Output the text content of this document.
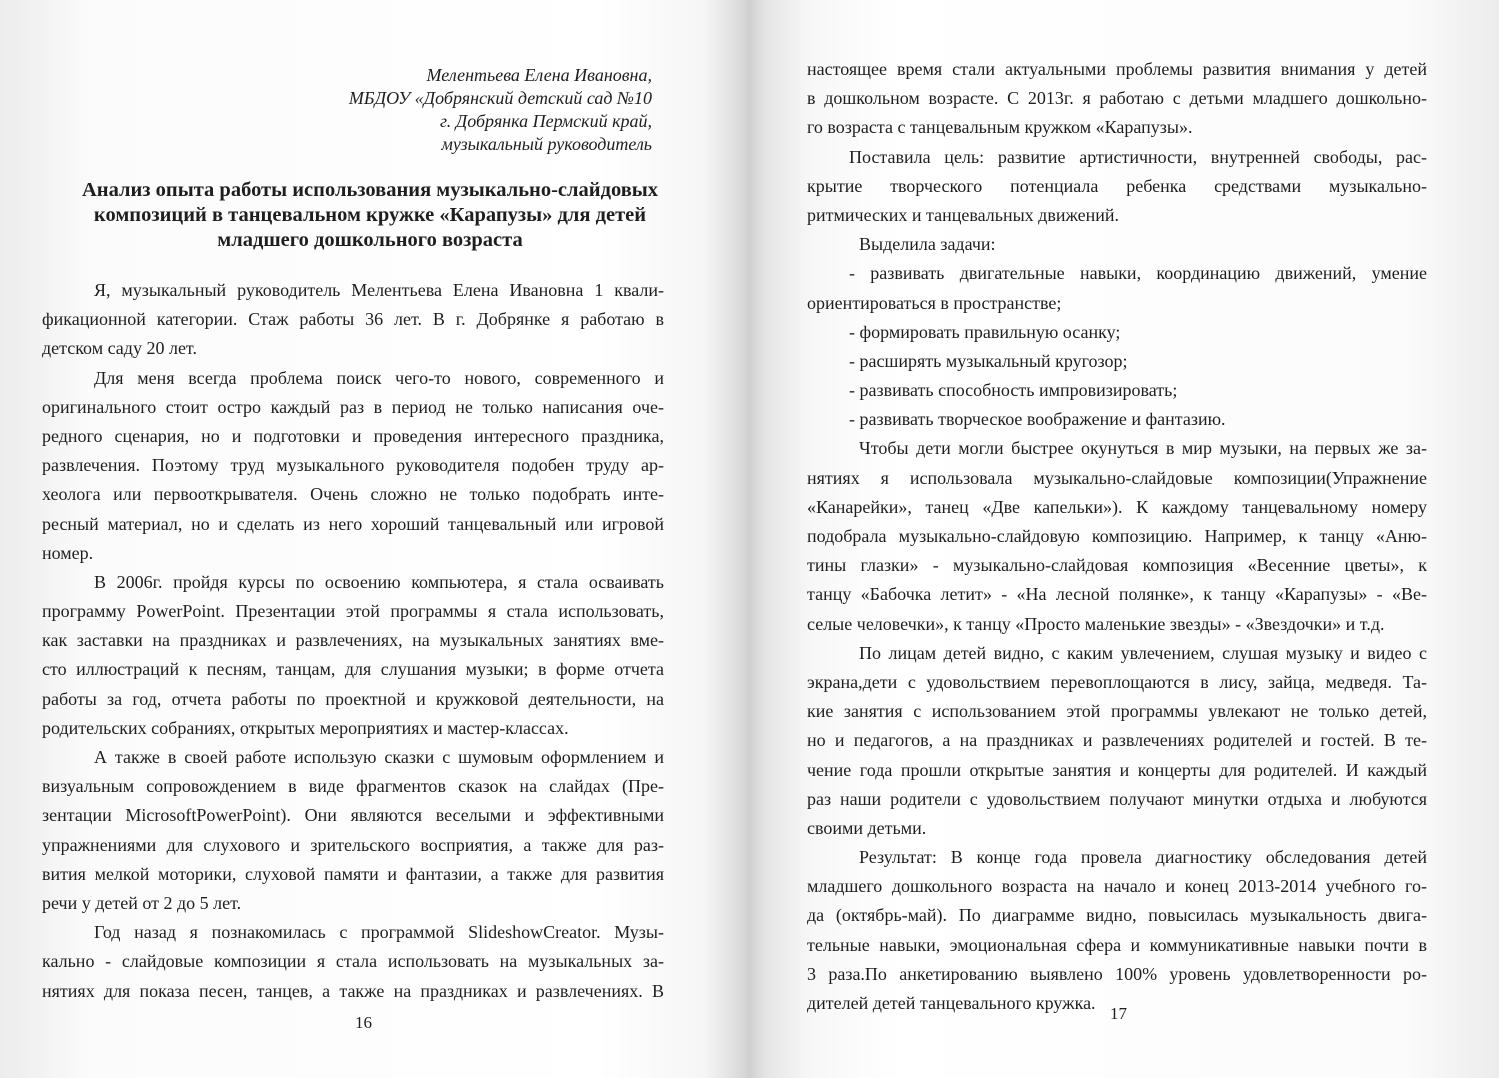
Мелентьева Елена Ивановна,
МБДОУ «Добрянский детский сад №10
г. Добрянка Пермский край,
музыкальный руководитель
Анализ опыта работы использования музыкально-слайдовых
композиций в танцевальном кружке «Карапузы» для детей
младшего дошкольного возраста
Я, музыкальный руководитель Мелентьева Елена Ивановна 1 квали-
фикационной категории. Стаж работы 36 лет. В г. Добрянке я работаю в
детском саду 20 лет.
Для меня всегда проблема поиск чего-то нового, современного и
оригинального стоит остро каждый раз в период не только написания оче-
редного сценария, но и подготовки и проведения интересного праздника,
развлечения. Поэтому труд музыкального руководителя подобен труду ар-
хеолога или первооткрывателя. Очень сложно не только подобрать инте-
ресный материал, но и сделать из него хороший танцевальный или игровой
номер.
В 2006г. пройдя курсы по освоению компьютера, я стала осваивать
программу PowerPoint. Презентации этой программы я стала использовать,
как заставки на праздниках и развлечениях, на музыкальных занятиях вме-
сто иллюстраций к песням, танцам, для слушания музыки; в форме отчета
работы за год, отчета работы по проектной и кружковой деятельности, на
родительских собраниях, открытых мероприятиях и мастер-классах.
А также в своей работе использую сказки с шумовым оформлением и
визуальным сопровождением в виде фрагментов сказок на слайдах (Пре-
зентации MicrosoftPowerPoint). Они являются веселыми и эффективными
упражнениями для слухового и зрительского восприятия, а также для раз-
вития мелкой моторики, слуховой памяти и фантазии, а также для развития
речи у детей от 2 до 5 лет.
Год назад я познакомилась с программой SlideshowCreator. Музы-
кально - слайдовые композиции я стала использовать на музыкальных за-
нятиях для показа песен, танцев, а также на праздниках и развлечениях. В
16
настоящее время стали актуальными проблемы развития внимания у детей
в дошкольном возрасте. С 2013г. я работаю с детьми младшего дошкольно-
го возраста с танцевальным кружком «Карапузы».
Поставила цель: развитие артистичности, внутренней свободы, рас-
крытие творческого потенциала ребенка средствами музыкально-
ритмических и танцевальных движений.
Выделила задачи:
- развивать двигательные навыки, координацию движений, умение
ориентироваться в пространстве;
- формировать правильную осанку;
- расширять музыкальный кругозор;
- развивать способность импровизировать;
- развивать творческое воображение и фантазию.
Чтобы дети могли быстрее окунуться в мир музыки, на первых же за-
нятиях я использовала музыкально-слайдовые композиции(Упражнение
«Канарейки», танец «Две капельки»). К каждому танцевальному номеру
подобрала музыкально-слайдовую композицию. Например, к танцу «Аню-
тины глазки» - музыкально-слайдовая композиция «Весенние цветы», к
танцу «Бабочка летит» - «На лесной полянке», к танцу «Карапузы» - «Ве-
селые человечки», к танцу «Просто маленькие звезды» - «Звездочки» и т.д.
По лицам детей видно, с каким увлечением, слушая музыку и видео с
экрана,дети с удовольствием перевоплощаются в лису, зайца, медведя. Та-
кие занятия с использованием этой программы увлекают не только детей,
но и педагогов, а на праздниках и развлечениях родителей и гостей. В те-
чение года прошли открытые занятия и концерты для родителей. И каждый
раз наши родители с удовольствием получают минутки отдыха и любуются
своими детьми.
Результат: В конце года провела диагностику обследования детей
младшего дошкольного возраста на начало и конец 2013-2014 учебного го-
да (октябрь-май). По диаграмме видно, повысилась музыкальность двига-
тельные навыки, эмоциональная сфера и коммуникативные навыки почти в
3 раза.По анкетированию выявлено 100% уровень удовлетворенности ро-
дителей детей танцевального кружка.
17
